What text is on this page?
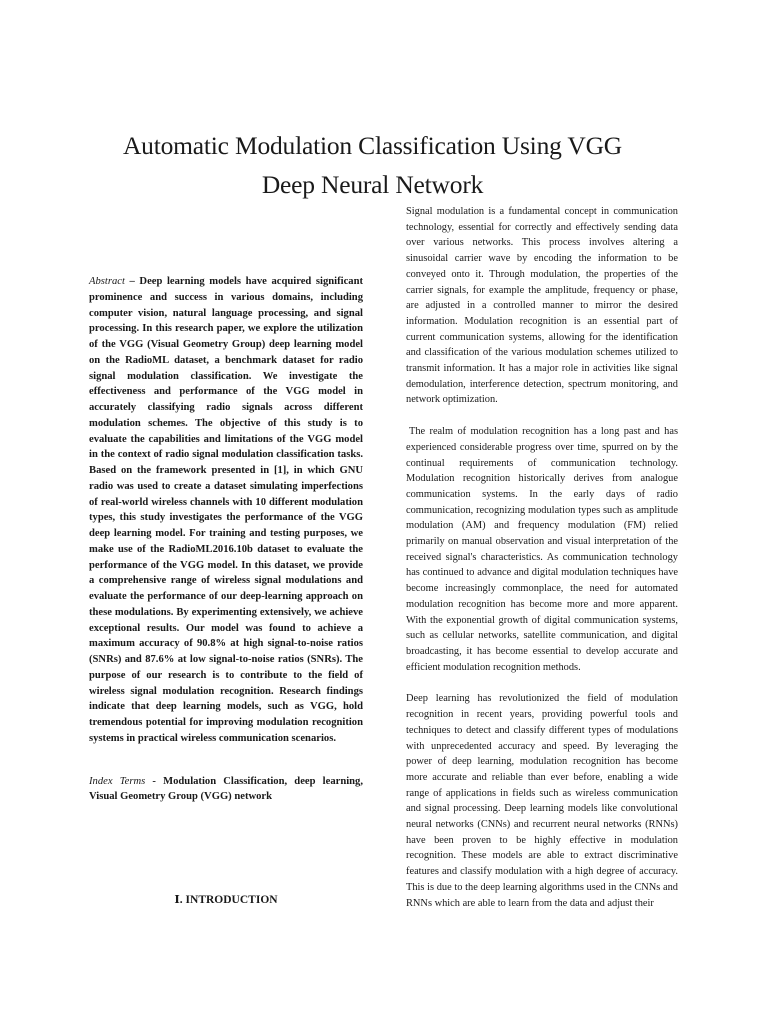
Automatic Modulation Classification Using VGG
Deep Neural Network

Abstract – Deep learning models have acquired significant prominence and success in various domains, including computer vision, natural language processing, and signal processing. In this research paper, we explore the utilization of the VGG (Visual Geometry Group) deep learning model on the RadioML dataset, a benchmark dataset for radio signal modulation classification. We investigate the effectiveness and performance of the VGG model in accurately classifying radio signals across different modulation schemes. The objective of this study is to evaluate the capabilities and limitations of the VGG model in the context of radio signal modulation classification tasks. Based on the framework presented in [1], in which GNU radio was used to create a dataset simulating imperfections of real-world wireless channels with 10 different modulation types, this study investigates the performance of the VGG deep learning model. For training and testing purposes, we make use of the RadioML2016.10b dataset to evaluate the performance of the VGG model. In this dataset, we provide a comprehensive range of wireless signal modulations and evaluate the performance of our deep-learning approach on these modulations. By experimenting extensively, we achieve exceptional results. Our model was found to achieve a maximum accuracy of 90.8% at high signal-to-noise ratios (SNRs) and 87.6% at low signal-to-noise ratios (SNRs). The purpose of our research is to contribute to the field of wireless signal modulation recognition. Research findings indicate that deep learning models, such as VGG, hold tremendous potential for improving modulation recognition systems in practical wireless communication scenarios.

Index Terms - Modulation Classification, deep learning, Visual Geometry Group (VGG) network

Ⅰ. INTRODUCTION

Signal modulation is a fundamental concept in communication technology, essential for correctly and effectively sending data over various networks. This process involves altering a sinusoidal carrier wave by encoding the information to be conveyed onto it. Through modulation, the properties of the carrier signals, for example the amplitude, frequency or phase, are adjusted in a controlled manner to mirror the desired information. Modulation recognition is an essential part of current communication systems, allowing for the identification and classification of the various modulation schemes utilized to transmit information. It has a major role in activities like signal demodulation, interference detection, spectrum monitoring, and network optimization.

The realm of modulation recognition has a long past and has experienced considerable progress over time, spurred on by the continual requirements of communication technology. Modulation recognition historically derives from analogue communication systems. In the early days of radio communication, recognizing modulation types such as amplitude modulation (AM) and frequency modulation (FM) relied primarily on manual observation and visual interpretation of the received signal's characteristics. As communication technology has continued to advance and digital modulation techniques have become increasingly commonplace, the need for automated modulation recognition has become more and more apparent. With the exponential growth of digital communication systems, such as cellular networks, satellite communication, and digital broadcasting, it has become essential to develop accurate and efficient modulation recognition methods.

Deep learning has revolutionized the field of modulation recognition in recent years, providing powerful tools and techniques to detect and classify different types of modulations with unprecedented accuracy and speed. By leveraging the power of deep learning, modulation recognition has become more accurate and reliable than ever before, enabling a wide range of applications in fields such as wireless communication and signal processing. Deep learning models like convolutional neural networks (CNNs) and recurrent neural networks (RNNs) have been proven to be highly effective in modulation recognition. These models are able to extract discriminative features and classify modulation with a high degree of accuracy. This is due to the deep learning algorithms used in the CNNs and RNNs which are able to learn from the data and adjust their
